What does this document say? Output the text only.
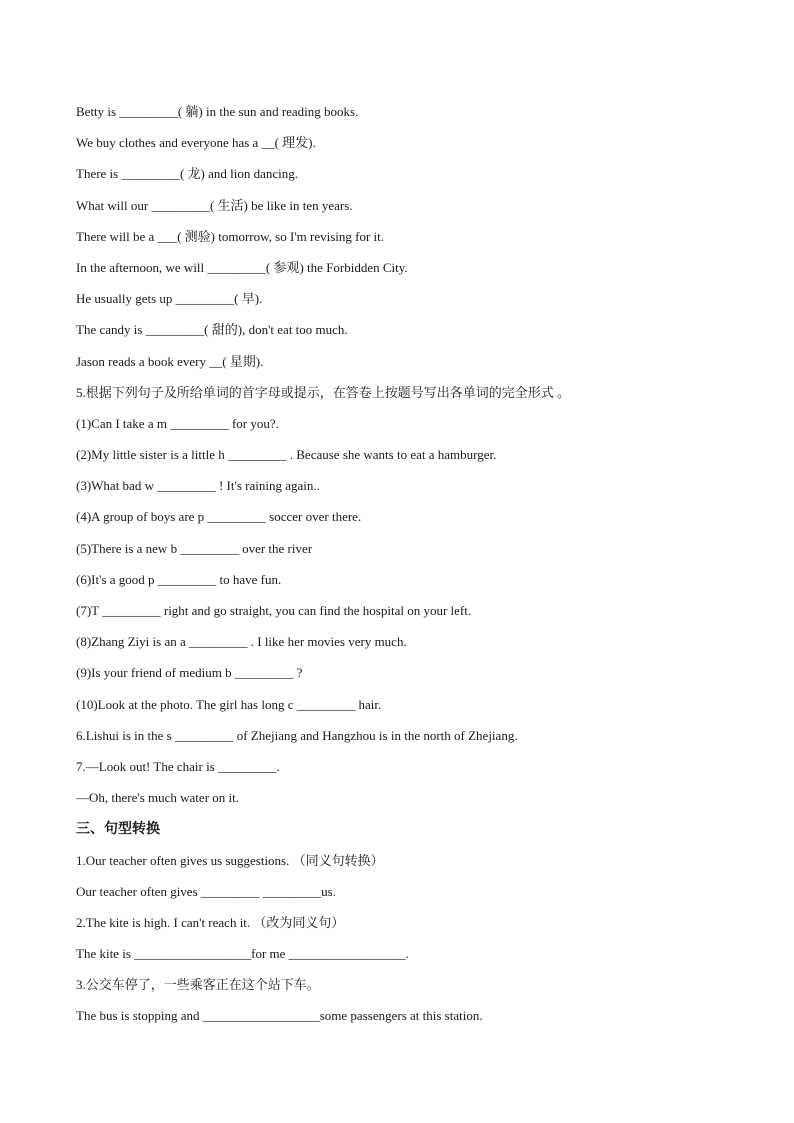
Betty is _________( 躺) in the sun and reading books.
We buy clothes and everyone has a __( 理发).
There is _________( 龙) and lion dancing.
What will our _________( 生活) be like in ten years.
There will be a ___( 测验) tomorrow, so I'm revising for it.
In the afternoon, we will _________( 参观) the Forbidden City.
He usually gets up _________( 早).
The candy is _________( 甜的), don't eat too much.
Jason reads a book every __( 星期).
5.根据下列句子及所给单词的首字母或提示，在答卷上按题号写出各单词的完全形式 。
(1)Can I take a m _________ for you?.
(2)My little sister is a little h _________ . Because she wants to eat a hamburger.
(3)What bad w _________ ! It's raining again..
(4)A group of boys are p _________ soccer over there.
(5)There is a new b _________ over the river
(6)It's a good p _________ to have fun.
(7)T _________ right and go straight, you can find the hospital on your left.
(8)Zhang Ziyi is an a _________ . I like her movies very much.
(9)Is your friend of medium b _________ ?
(10)Look at the photo. The girl has long c _________ hair.
6.Lishui is in the s _________ of Zhejiang and Hangzhou is in the north of Zhejiang.
7.—Look out! The chair is _________.
—Oh, there's much water on it.
三、句型转换
1.Our teacher often gives us suggestions. （同义句转换）
Our teacher often gives _________ _________us.
2.The kite is high. I can't reach it. （改为同义句）
The kite is __________________for me __________________.
3.公交车停了，一些乘客正在这个站下车。
The bus is stopping and __________________some passengers at this station.
